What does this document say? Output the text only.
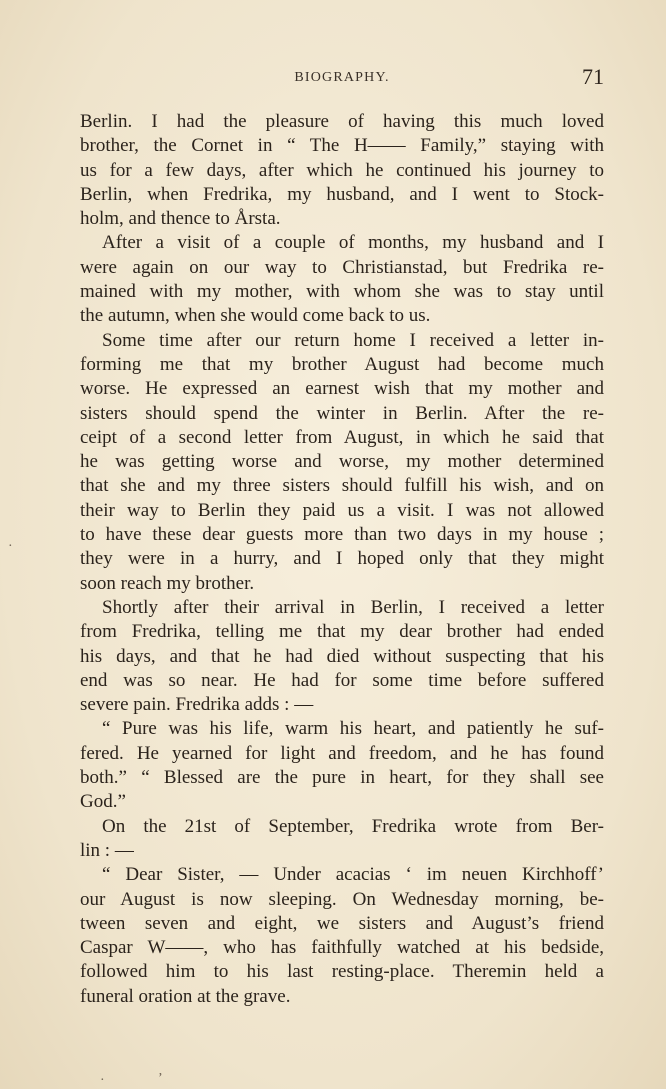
BIOGRAPHY.	71
Berlin. I had the pleasure of having this much loved
brother, the Cornet in “ The H—— Family,” staying with
us for a few days, after which he continued his journey to
Berlin, when Fredrika, my husband, and I went to Stock-
holm, and thence to Årsta.
After a visit of a couple of months, my husband and I
were again on our way to Christianstad, but Fredrika re-
mained with my mother, with whom she was to stay until
the autumn, when she would come back to us.
Some time after our return home I received a letter in-
forming me that my brother August had become much
worse. He expressed an earnest wish that my mother and
sisters should spend the winter in Berlin. After the re-
ceipt of a second letter from August, in which he said that
he was getting worse and worse, my mother determined
that she and my three sisters should fulfill his wish, and on
their way to Berlin they paid us a visit. I was not allowed
to have these dear guests more than two days in my house ;
they were in a hurry, and I hoped only that they might
soon reach my brother.
Shortly after their arrival in Berlin, I received a letter
from Fredrika, telling me that my dear brother had ended
his days, and that he had died without suspecting that his
end was so near. He had for some time before suffered
severe pain. Fredrika adds : —
“ Pure was his life, warm his heart, and patiently he suf-
fered. He yearned for light and freedom, and he has found
both.” “ Blessed are the pure in heart, for they shall see
God.”
On the 21st of September, Fredrika wrote from Ber-
lin : —
“ Dear Sister, — Under acacias ‘ im neuen Kirchhoff’
our August is now sleeping. On Wednesday morning, be-
tween seven and eight, we sisters and August’s friend
Caspar W——, who has faithfully watched at his bedside,
followed him to his last resting-place. Theremin held a
funeral oration at the grave.
·
·	ʼ
